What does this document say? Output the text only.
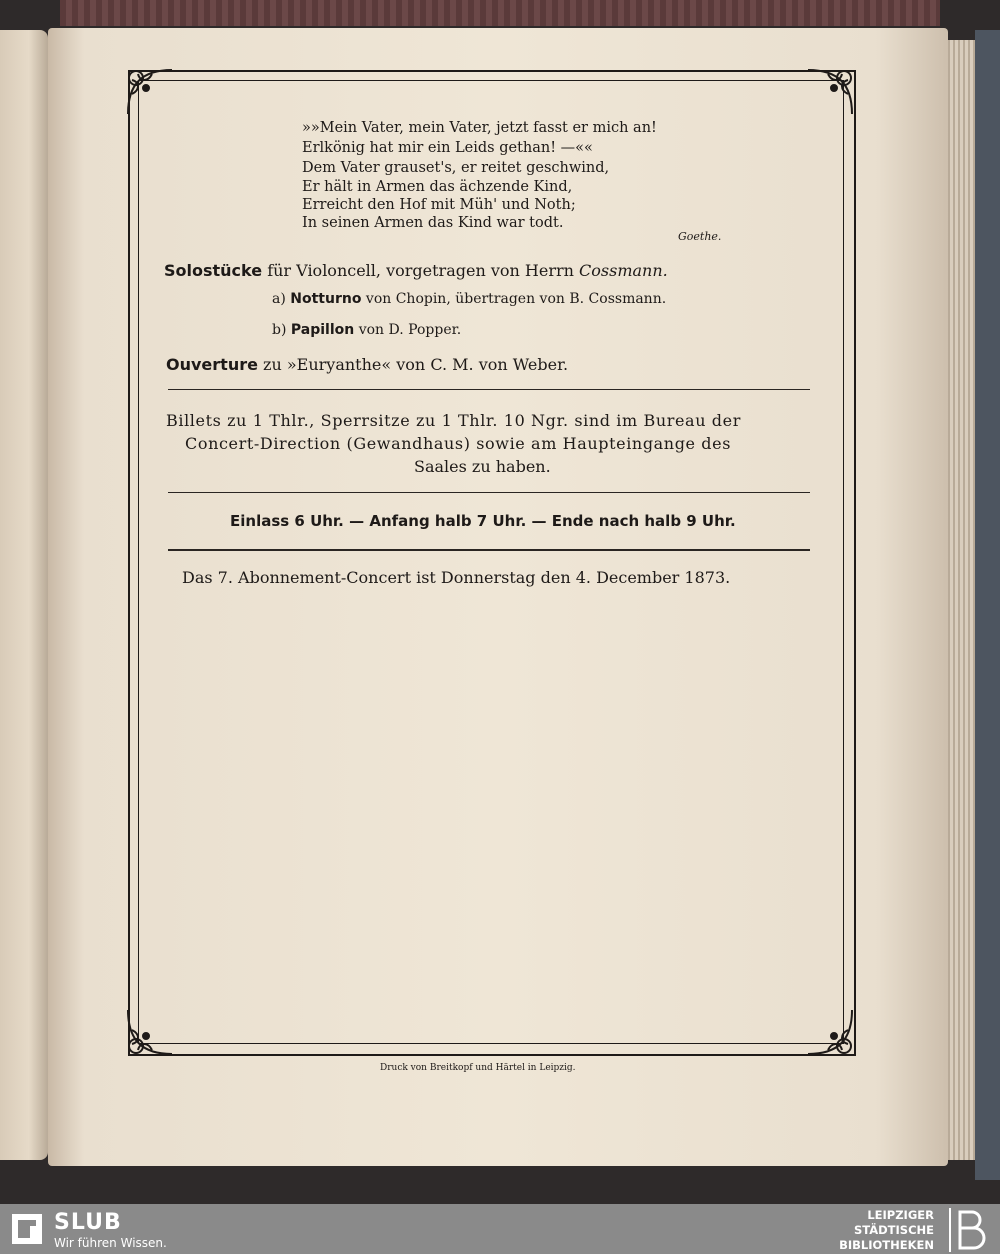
»»Mein Vater, mein Vater, jetzt fasst er mich an!
Erlkönig hat mir ein Leids gethan! —««
Dem Vater grauset's, er reitet geschwind,
Er hält in Armen das ächzende Kind,
Erreicht den Hof mit Müh' und Noth;
In seinen Armen das Kind war todt.
Goethe.
Solostücke für Violoncell, vorgetragen von Herrn Cossmann.
a) Notturno von Chopin, übertragen von B. Cossmann.
b) Papillon von D. Popper.
Ouverture zu »Euryanthe« von C. M. von Weber.
Billets zu 1 Thlr., Sperrsitze zu 1 Thlr. 10 Ngr. sind im Bureau der
Concert-Direction (Gewandhaus) sowie am Haupteingange des
Saales zu haben.
Einlass 6 Uhr. — Anfang halb 7 Uhr. — Ende nach halb 9 Uhr.
Das 7. Abonnement-Concert ist Donnerstag den 4. December 1873.
Druck von Breitkopf und Härtel in Leipzig.
SLUB
Wir führen Wissen.
LEIPZIGER
STÄDTISCHE
BIBLIOTHEKEN
